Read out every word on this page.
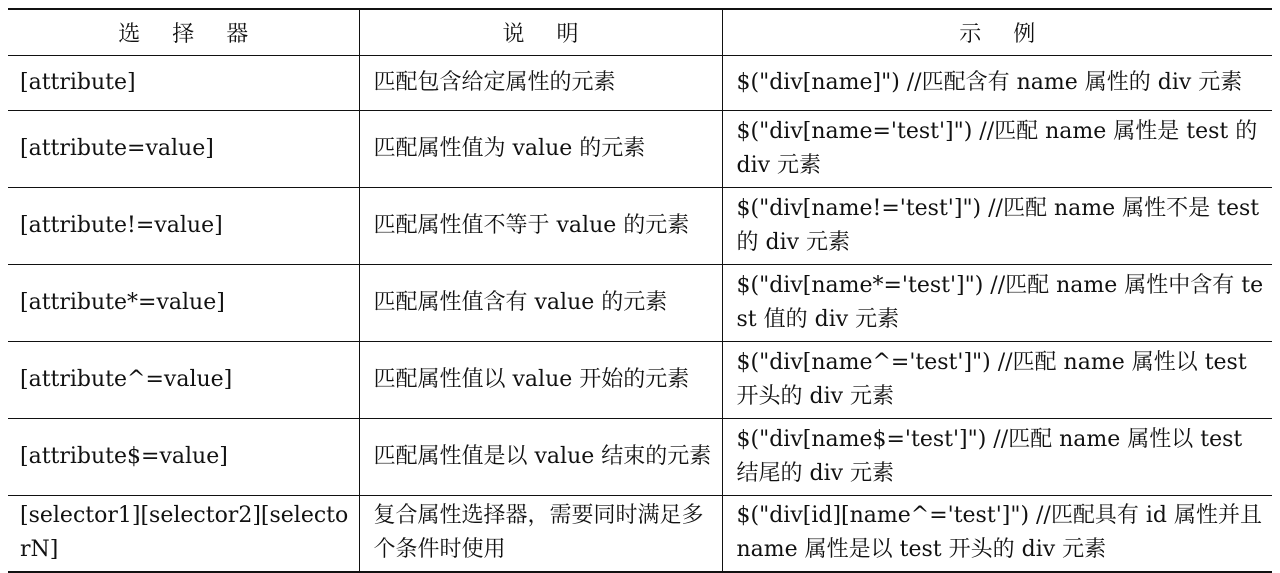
选择器	说明	示例
[attribute]	匹配包含给定属性的元素	$("div[name]") //匹配含有 name 属性的 div 元素
[attribute=value]	匹配属性值为 value 的元素	$("div[name='test']") //匹配 name 属性是 test 的 div 元素
[attribute!=value]	匹配属性值不等于 value 的元素	$("div[name!='test']") //匹配 name 属性不是 test 的 div 元素
[attribute*=value]	匹配属性值含有 value 的元素	$("div[name*='test']") //匹配 name 属性中含有 test 值的 div 元素
[attribute^=value]	匹配属性值以 value 开始的元素	$("div[name^='test']") //匹配 name 属性以 test 开头的 div 元素
[attribute$=value]	匹配属性值是以 value 结束的元素	$("div[name$='test']") //匹配 name 属性以 test 结尾的 div 元素
[selector1][selector2][selectorN]	复合属性选择器，需要同时满足多个条件时使用	$("div[id][name^='test']") //匹配具有 id 属性并且 name 属性是以 test 开头的 div 元素
